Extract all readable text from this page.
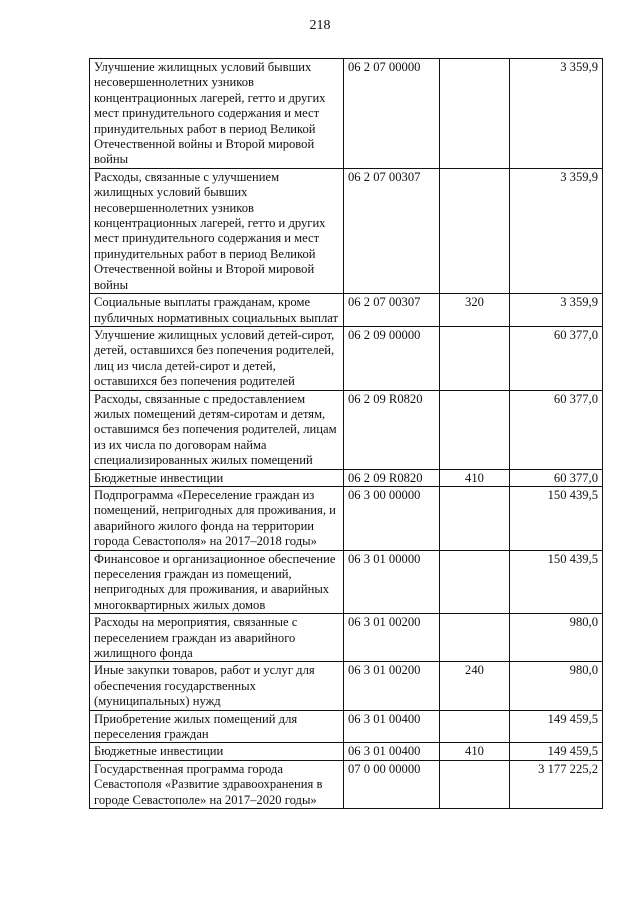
218
Улучшение жилищных условий бывших несовершеннолетних узников концентрационных лагерей, гетто и других мест принудительного содержания и мест принудительных работ в период Великой Отечественной войны и Второй мировой войны	06 2 07 00000		3 359,9
Расходы, связанные с улучшением жилищных условий бывших несовершеннолетних узников концентрационных лагерей, гетто и других мест принудительного содержания и мест принудительных работ в период Великой Отечественной войны и Второй мировой войны	06 2 07 00307		3 359,9
Социальные выплаты гражданам, кроме публичных нормативных социальных выплат	06 2 07 00307	320	3 359,9
Улучшение жилищных условий детей-сирот, детей, оставшихся без попечения родителей, лиц из числа детей-сирот и детей, оставшихся без попечения родителей	06 2 09 00000		60 377,0
Расходы, связанные с предоставлением жилых помещений детям-сиротам и детям, оставшимся без попечения родителей, лицам из их числа по договорам найма специализированных жилых помещений	06 2 09 R0820		60 377,0
Бюджетные инвестиции	06 2 09 R0820	410	60 377,0
Подпрограмма «Переселение граждан из помещений, непригодных для проживания, и аварийного жилого фонда на территории города Севастополя» на 2017–2018 годы»	06 3 00 00000		150 439,5
Финансовое и организационное обеспечение переселения граждан из помещений, непригодных для проживания, и аварийных многоквартирных жилых домов	06 3 01 00000		150 439,5
Расходы на мероприятия, связанные с переселением граждан из аварийного жилищного фонда	06 3 01 00200		980,0
Иные закупки товаров, работ и услуг для обеспечения государственных (муниципальных) нужд	06 3 01 00200	240	980,0
Приобретение жилых помещений для переселения граждан	06 3 01 00400		149 459,5
Бюджетные инвестиции	06 3 01 00400	410	149 459,5
Государственная программа города Севастополя «Развитие здравоохранения в городе Севастополе» на 2017–2020 годы»	07 0 00 00000		3 177 225,2
